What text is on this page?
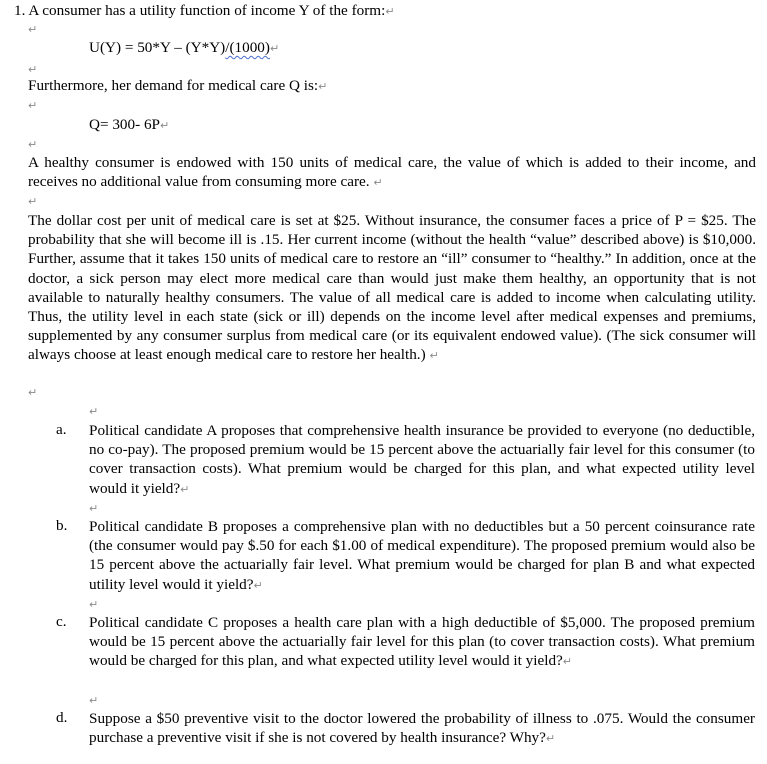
1. A consumer has a utility function of income Y of the form:↵
↵
U(Y) = 50*Y – (Y*Y)/(1000)↵
↵
Furthermore, her demand for medical care Q is:↵
↵
Q= 300- 6P↵
↵
A healthy consumer is endowed with 150 units of medical care, the value of which is added to their income, and receives no additional value from consuming more care. ↵
↵
The dollar cost per unit of medical care is set at $25. Without insurance, the consumer faces a price of P = $25. The probability that she will become ill is .15. Her current income (without the health “value” described above) is $10,000. Further, assume that it takes 150 units of medical care to restore an “ill” consumer to “healthy.” In addition, once at the doctor, a sick person may elect more medical care than would just make them healthy, an opportunity that is not available to naturally healthy consumers. The value of all medical care is added to income when calculating utility. Thus, the utility level in each state (sick or ill) depends on the income level after medical expenses and premiums, supplemented by any consumer surplus from medical care (or its equivalent endowed value). (The sick consumer will always choose at least enough medical care to restore her health.) ↵
↵
↵
a. Political candidate A proposes that comprehensive health insurance be provided to everyone (no deductible, no co-pay). The proposed premium would be 15 percent above the actuarially fair level for this consumer (to cover transaction costs). What premium would be charged for this plan, and what expected utility level would it yield?↵
↵
b. Political candidate B proposes a comprehensive plan with no deductibles but a 50 percent coinsurance rate (the consumer would pay $.50 for each $1.00 of medical expenditure). The proposed premium would also be 15 percent above the actuarially fair level. What premium would be charged for plan B and what expected utility level would it yield?↵
↵
c. Political candidate C proposes a health care plan with a high deductible of $5,000. The proposed premium would be 15 percent above the actuarially fair level for this plan (to cover transaction costs). What premium would be charged for this plan, and what expected utility level would it yield?↵
↵
d. Suppose a $50 preventive visit to the doctor lowered the probability of illness to .075. Would the consumer purchase a preventive visit if she is not covered by health insurance? Why?↵
